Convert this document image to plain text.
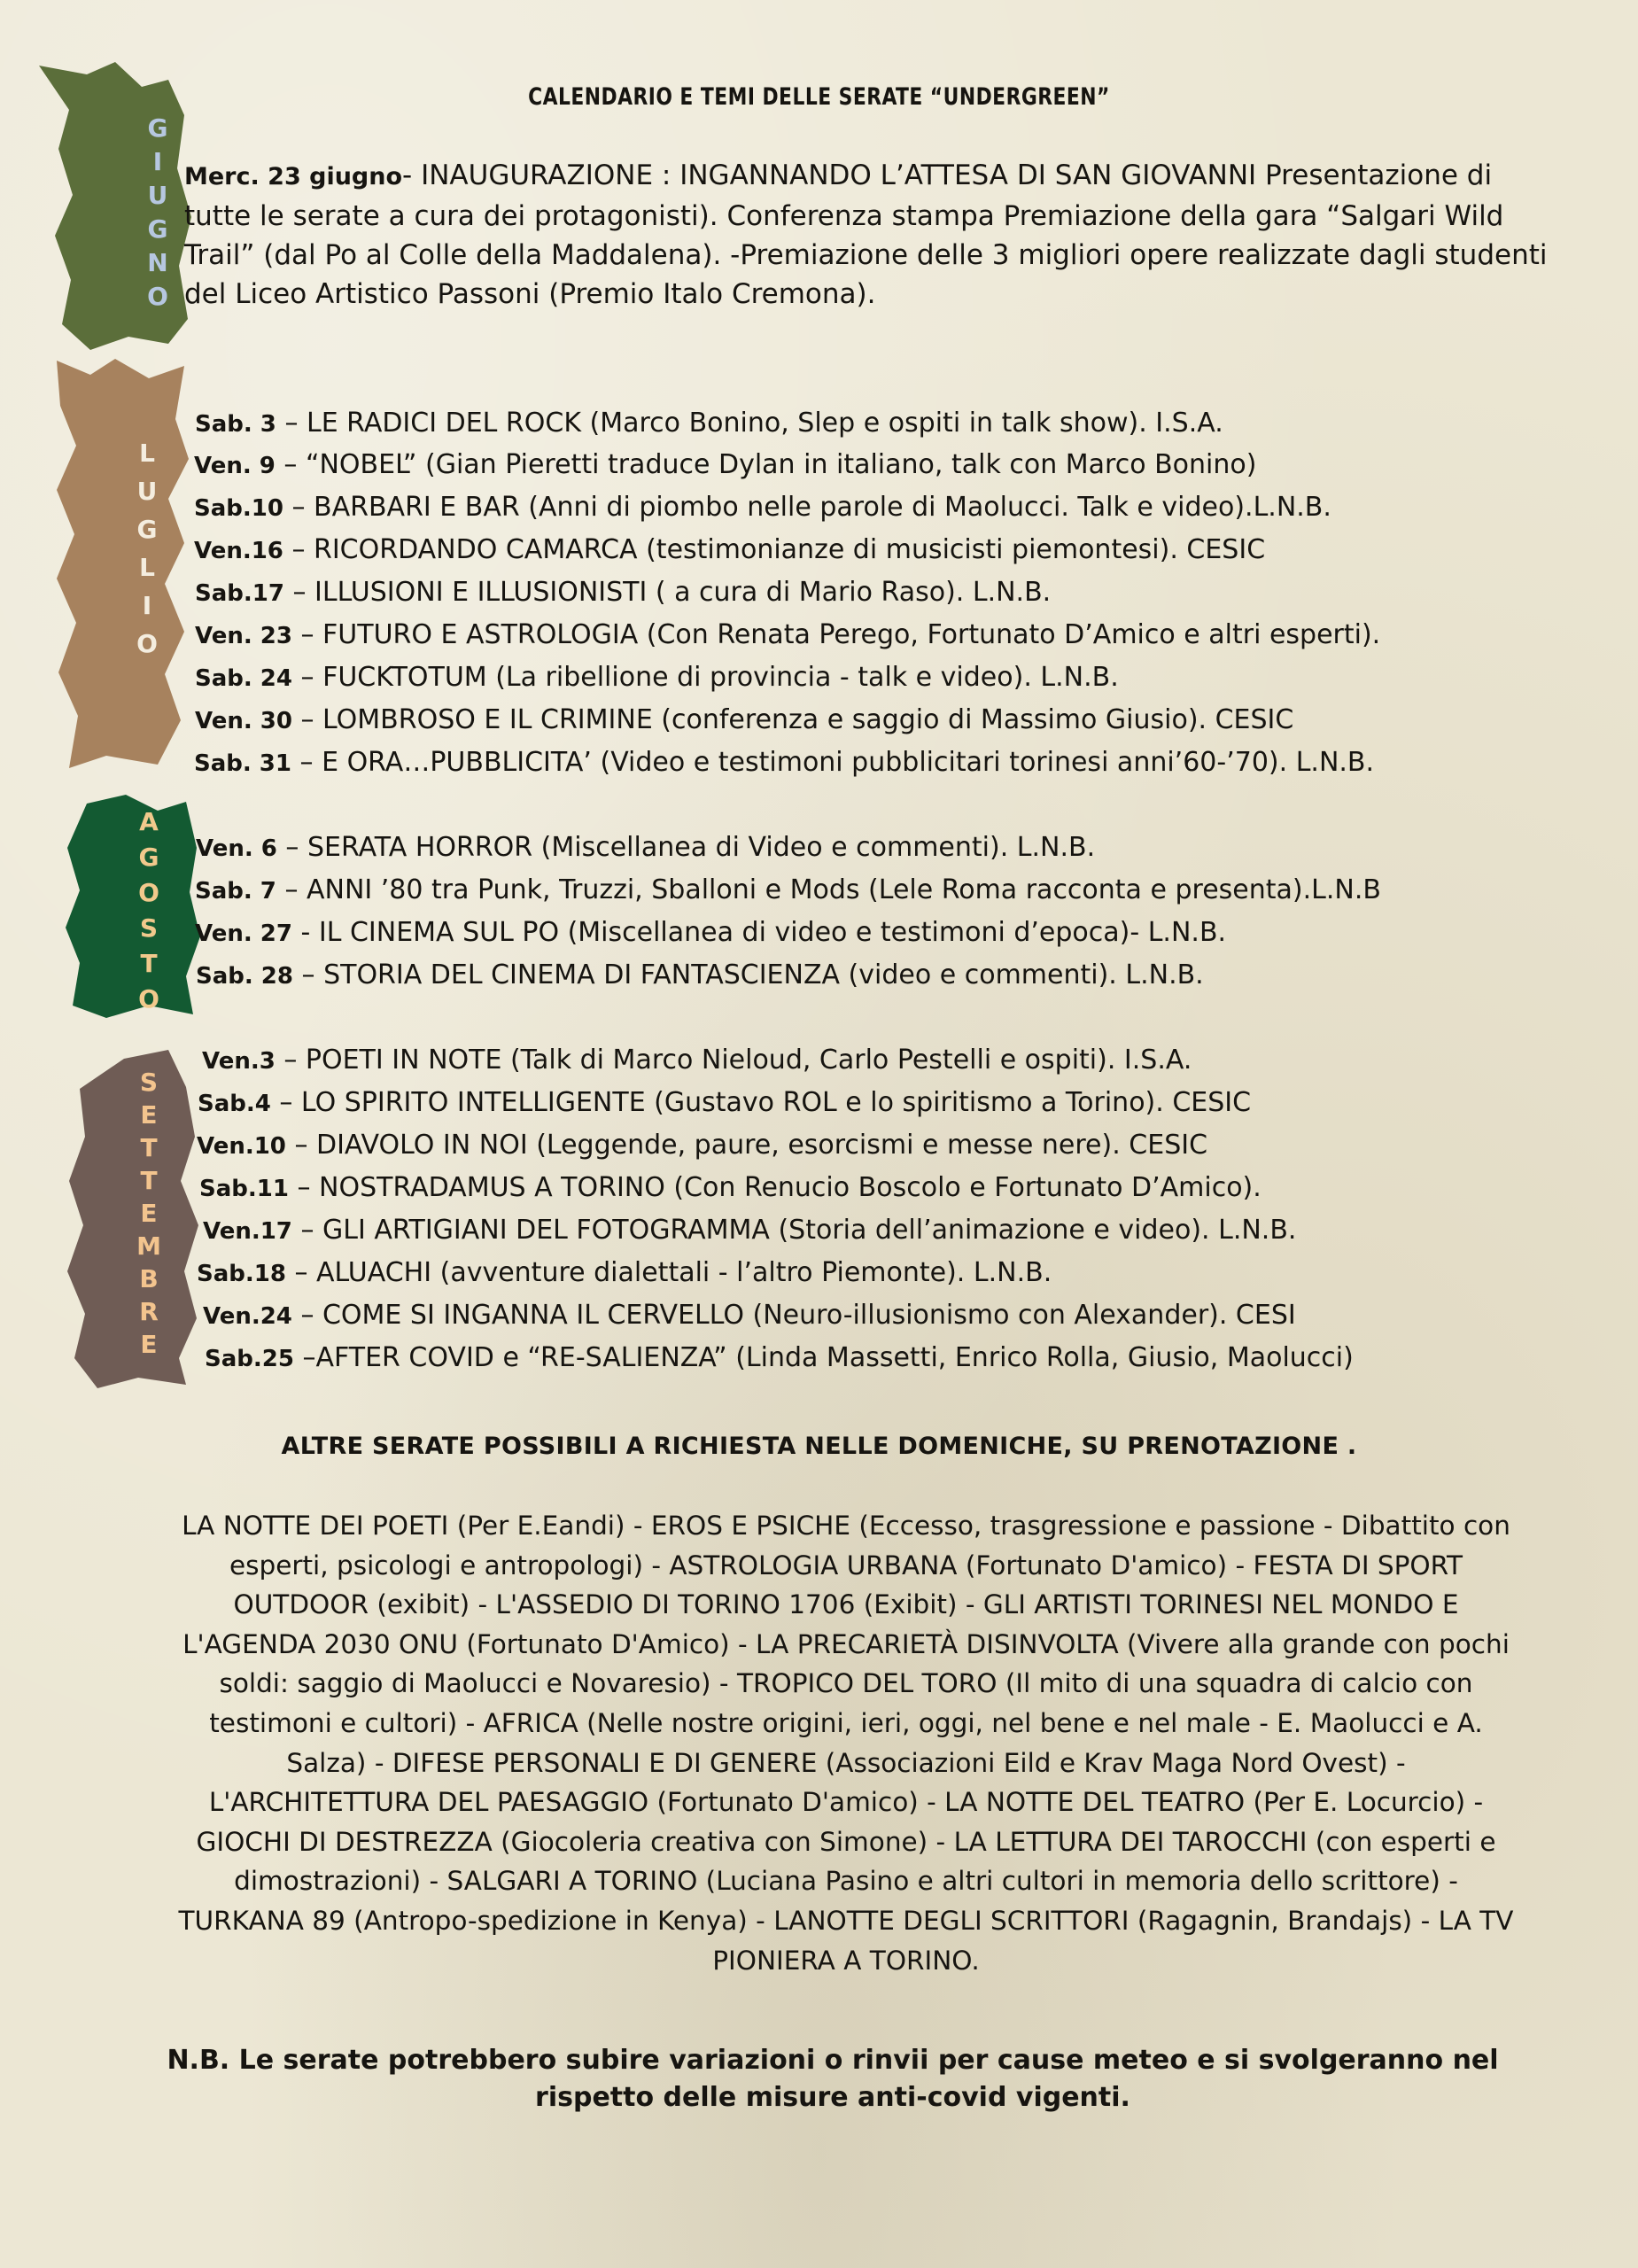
CALENDARIO E TEMI DELLE SERATE “UNDERGREEN”
G
I
U
G
N
O
L
U
G
L
I
O
A
G
O
S
T
O
S
E
T
T
E
M
B
R
E
Merc. 23 giugno- INAUGURAZIONE : INGANNANDO L’ATTESA DI SAN GIOVANNI Presentazione di tutte le serate a cura dei protagonisti). Conferenza stampa Premiazione della gara “Salgari Wild Trail” (dal Po al Colle della Maddalena). -Premiazione delle 3 migliori opere realizzate dagli studenti del Liceo Artistico Passoni (Premio Italo Cremona).
Sab. 3 – LE RADICI DEL ROCK (Marco Bonino, Slep e ospiti in talk show). I.S.A.
Ven. 9 – “NOBEL” (Gian Pieretti traduce Dylan in italiano, talk con Marco Bonino)
Sab.10 – BARBARI E BAR (Anni di piombo nelle parole di Maolucci. Talk e video).L.N.B.
Ven.16 – RICORDANDO CAMARCA (testimonianze di musicisti piemontesi). CESIC
Sab.17 – ILLUSIONI E ILLUSIONISTI ( a cura di Mario Raso). L.N.B.
Ven. 23 – FUTURO E ASTROLOGIA (Con Renata Perego, Fortunato D’Amico e altri esperti).
Sab. 24 – FUCKTOTUM (La ribellione di provincia - talk e video). L.N.B.
Ven. 30 – LOMBROSO E IL CRIMINE (conferenza e saggio di Massimo Giusio). CESIC
Sab. 31 – E ORA…PUBBLICITA’ (Video e testimoni pubblicitari torinesi anni’60-’70). L.N.B.
Ven. 6 – SERATA HORROR (Miscellanea di Video e commenti). L.N.B.
Sab. 7 – ANNI ’80 tra Punk, Truzzi, Sballoni e Mods (Lele Roma racconta e presenta).L.N.B
Ven. 27 - IL CINEMA SUL PO (Miscellanea di video e testimoni d’epoca)- L.N.B.
Sab. 28 – STORIA DEL CINEMA DI FANTASCIENZA (video e commenti). L.N.B.
Ven.3 – POETI IN NOTE (Talk di Marco Nieloud, Carlo Pestelli e ospiti). I.S.A.
Sab.4 – LO SPIRITO INTELLIGENTE (Gustavo ROL e lo spiritismo a Torino). CESIC
Ven.10 – DIAVOLO IN NOI (Leggende, paure, esorcismi e messe nere). CESIC
Sab.11 – NOSTRADAMUS A TORINO (Con Renucio Boscolo e Fortunato D’Amico).
Ven.17 – GLI ARTIGIANI DEL FOTOGRAMMA (Storia dell’animazione e video). L.N.B.
Sab.18 – ALUACHI (avventure dialettali - l’altro Piemonte). L.N.B.
Ven.24 – COME SI INGANNA IL CERVELLO (Neuro-illusionismo con Alexander). CESI
Sab.25 –AFTER COVID e “RE-SALIENZA” (Linda Massetti, Enrico Rolla, Giusio, Maolucci)
ALTRE SERATE POSSIBILI A RICHIESTA NELLE DOMENICHE, SU PRENOTAZIONE .
LA NOTTE DEI POETI (Per E.Eandi) - EROS E PSICHE (Eccesso, trasgressione e passione - Dibattito con esperti, psicologi e antropologi) - ASTROLOGIA URBANA (Fortunato D'amico) - FESTA DI SPORT OUTDOOR (exibit) - L'ASSEDIO DI TORINO 1706 (Exibit) - GLI ARTISTI TORINESI NEL MONDO E L'AGENDA 2030 ONU (Fortunato D'Amico) - LA PRECARIETÀ DISINVOLTA (Vivere alla grande con pochi soldi: saggio di Maolucci e Novaresio) - TROPICO DEL TORO (Il mito di una squadra di calcio con testimoni e cultori) - AFRICA (Nelle nostre origini, ieri, oggi, nel bene e nel male - E. Maolucci e A. Salza) - DIFESE PERSONALI E DI GENERE (Associazioni Eild e Krav Maga Nord Ovest) - L'ARCHITETTURA DEL PAESAGGIO (Fortunato D'amico) - LA NOTTE DEL TEATRO (Per E. Locurcio) - GIOCHI DI DESTREZZA (Giocoleria creativa con Simone) - LA LETTURA DEI TAROCCHI (con esperti e dimostrazioni) - SALGARI A TORINO (Luciana Pasino e altri cultori in memoria dello scrittore) - TURKANA 89 (Antropo-spedizione in Kenya) - LANOTTE DEGLI SCRITTORI (Ragagnin, Brandajs) - LA TV PIONIERA A TORINO.
N.B. Le serate potrebbero subire variazioni o rinvii per cause meteo e si svolgeranno nel rispetto delle misure anti-covid vigenti.
